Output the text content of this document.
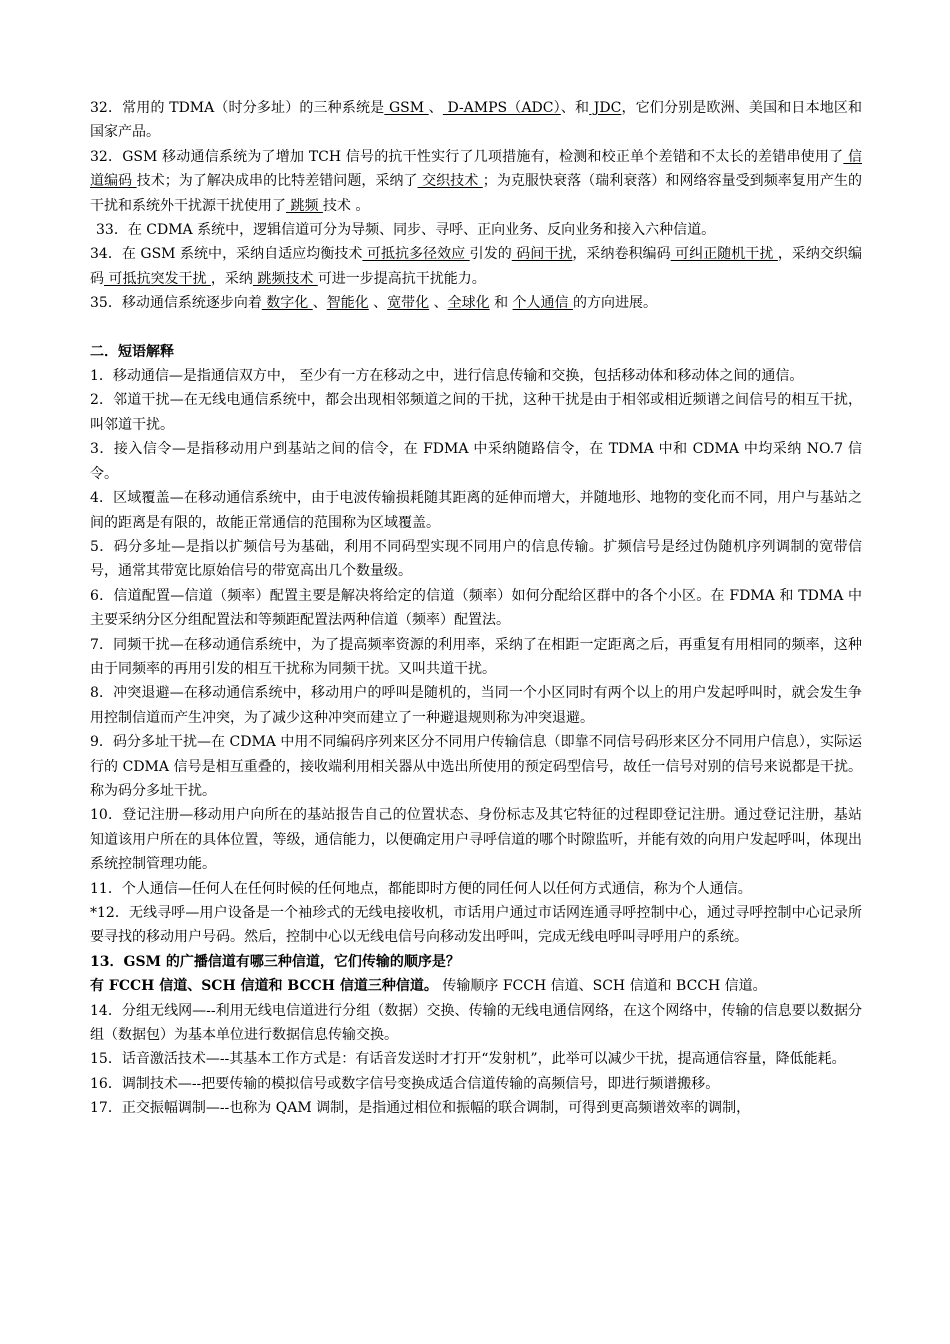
32．常用的 TDMA（时分多址）的三种系统是 GSM 、 D-AMPS（ADC）、和 JDC，它们分别是欧洲、美国和日本地区和国家产品。

32．GSM 移动通信系统为了增加 TCH 信号的抗干性实行了几项措施有，检测和校正单个差错和不太长的差错串使用了 信道编码 技术；为了解决成串的比特差错问题，采纳了 交织技术 ；为克服快衰落（瑞利衰落）和网络容量受到频率复用产生的干扰和系统外干扰源干扰使用了 跳频 技术 。

33．在 CDMA 系统中，逻辑信道可分为导频、同步、寻呼、正向业务、反向业务和接入六种信道。

34．在 GSM 系统中，采纳自适应均衡技术 可抵抗多径效应 引发的 码间干扰，采纳卷积编码 可纠正随机干扰 ，采纳交织编码 可抵抗突发干扰 ，采纳 跳频技术 可进一步提高抗干扰能力。

35．移动通信系统逐步向着 数字化 、智能化 、宽带化 、全球化 和 个人通信 的方向进展。

二．短语解释

1．移动通信—是指通信双方中， 至少有一方在移动之中，进行信息传输和交换，包括移动体和移动体之间的通信。

2．邻道干扰—在无线电通信系统中，都会出现相邻频道之间的干扰，这种干扰是由于相邻或相近频谱之间信号的相互干扰，叫邻道干扰。

3．接入信令—是指移动用户到基站之间的信令，在 FDMA 中采纳随路信令，在 TDMA 中和 CDMA 中均采纳 NO.7 信令。

4．区域覆盖—在移动通信系统中，由于电波传输损耗随其距离的延伸而增大，并随地形、地物的变化而不同，用户与基站之间的距离是有限的，故能正常通信的范围称为区域覆盖。

5．码分多址—是指以扩频信号为基础，利用不同码型实现不同用户的信息传输。扩频信号是经过伪随机序列调制的宽带信号，通常其带宽比原始信号的带宽高出几个数量级。

6．信道配置—信道（频率）配置主要是解决将给定的信道（频率）如何分配给区群中的各个小区。在 FDMA 和 TDMA 中主要采纳分区分组配置法和等频距配置法两种信道（频率）配置法。

7．同频干扰—在移动通信系统中，为了提高频率资源的利用率，采纳了在相距一定距离之后，再重复有用相同的频率，这种由于同频率的再用引发的相互干扰称为同频干扰。又叫共道干扰。

8．冲突退避—在移动通信系统中，移动用户的呼叫是随机的，当同一个小区同时有两个以上的用户发起呼叫时，就会发生争用控制信道而产生冲突，为了减少这种冲突而建立了一种避退规则称为冲突退避。

9．码分多址干扰—在 CDMA 中用不同编码序列来区分不同用户传输信息（即靠不同信号码形来区分不同用户信息），实际运行的 CDMA 信号是相互重叠的，接收端利用相关器从中选出所使用的预定码型信号，故任一信号对别的信号来说都是干扰。称为码分多址干扰。

10．登记注册—移动用户向所在的基站报告自己的位置状态、身份标志及其它特征的过程即登记注册。通过登记注册，基站知道该用户所在的具体位置，等级，通信能力，以便确定用户寻呼信道的哪个时隙监听，并能有效的向用户发起呼叫，体现出系统控制管理功能。

11．个人通信—任何人在任何时候的任何地点，都能即时方便的同任何人以任何方式通信，称为个人通信。

*12．无线寻呼—用户设备是一个袖珍式的无线电接收机，市话用户通过市话网连通寻呼控制中心，通过寻呼控制中心记录所要寻找的移动用户号码。然后，控制中心以无线电信号向移动发出呼叫，完成无线电呼叫寻呼用户的系统。

13．GSM 的广播信道有哪三种信道，它们传输的顺序是？

有 FCCH 信道、SCH 信道和 BCCH 信道三种信道。 传输顺序 FCCH 信道、SCH 信道和 BCCH 信道。

14．分组无线网—--利用无线电信道进行分组（数据）交换、传输的无线电通信网络，在这个网络中，传输的信息要以数据分组（数据包）为基本单位进行数据信息传输交换。

15．话音激活技术—--其基本工作方式是：有话音发送时才打开“发射机”，此举可以减少干扰，提高通信容量，降低能耗。

16．调制技术—--把要传输的模拟信号或数字信号变换成适合信道传输的高频信号，即进行频谱搬移。

17．正交振幅调制—--也称为 QAM 调制，是指通过相位和振幅的联合调制，可得到更高频谱效率的调制，
